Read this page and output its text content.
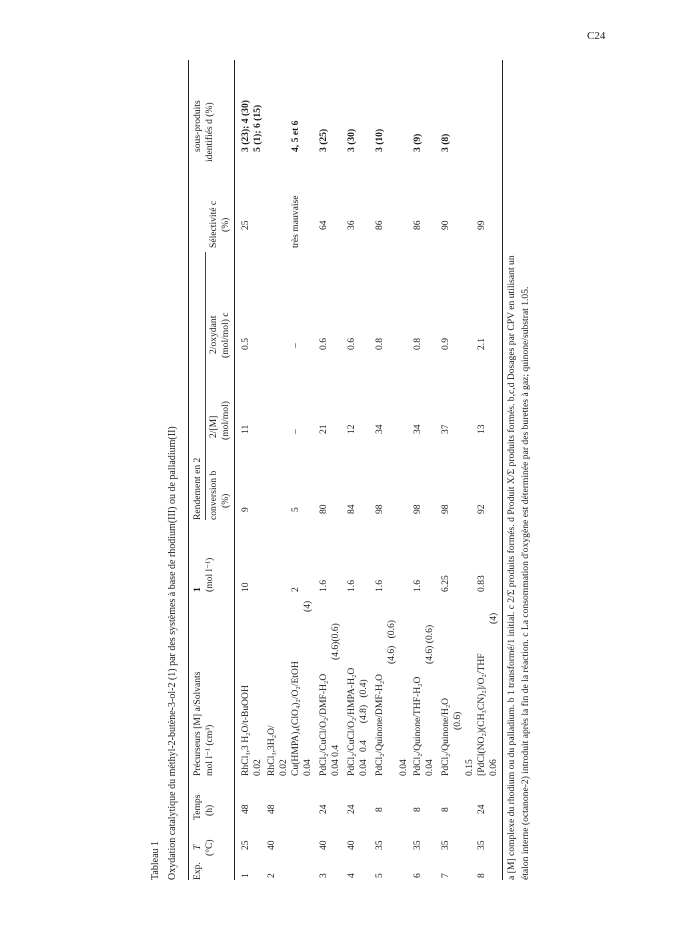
C24
Tableau 1 Oxydation catalytique du méthyl-2-butène-3-ol-2 (1) par des systèmes à base de rhodium(III) ou de palladium(II) Exp.
T (°C)
Temps (h)
Précurseurs [M] a/Solvants mol l⁻¹ (cm³)
1 (mol l⁻¹)
Rendement en 2 conversion b (%)
2/[M] (mol/mol)
2/oxydant (mol/mol) c
Sélectivité c (%)
sous-produits identifiés d (%)
1
25
48
RhCl₃,3 H₂O/t-BuOOH 0.02
10
9
11
0.5
25
3 (23); 4 (30) 5 (1); 6 (15)
2
40
48
RhCl₃,3H₂O/ 0.02 Cu(HMPA)₄(ClO₄)₂/O₂/EtOH 0.04
(4)
2
5
–
–
très mauvaise
4, 5 et 6
3
40
24
PdCl₂/CuCl/O₂/DMF-H₂O 0.04 0.4
(4.6)(0.6)
1.6
80
21
0.6
64
3 (25)
4
40
24
PdCl₂/CuCl/O₂/HMPA-H₂O 0.04   0.4       (4.8)   (0.4)
1.6
84
12
0.6
36
3 (30)
5
35
8
PdCl₂/Quinone/DMF-H₂O
(4.6)   (0.6)
0.04
1.6
98
34
0.8
86
3 (10)
6
35
8
PdCl₂/Quinone/THF-H₂O 0.04
(4.6) (0.6)
1.6
98
34
0.8
86
3 (9)
7
35
8
PdCl₂/Quinone/H₂O (0.6)
0.15
6.25
98
37
0.9
90
3 (8)
8
35
24
[PdCl(NO₂)(CH₃CN)₂]/O₂/THF 0.06
(4)
0.83
92
13
2.1
99
a [M] complexe du rhodium ou du palladium. b 1 transformé/1 initial. c 2/Σ produits formés. d Produit X/Σ produits formés. b,c,d Dosages par CPV en utilisant un étalon interne (octanone-2) introduit après la fin de la réaction. c La consommation d'oxygène est déterminée par des burettes à gaz; quinone/substrat 1.05.
